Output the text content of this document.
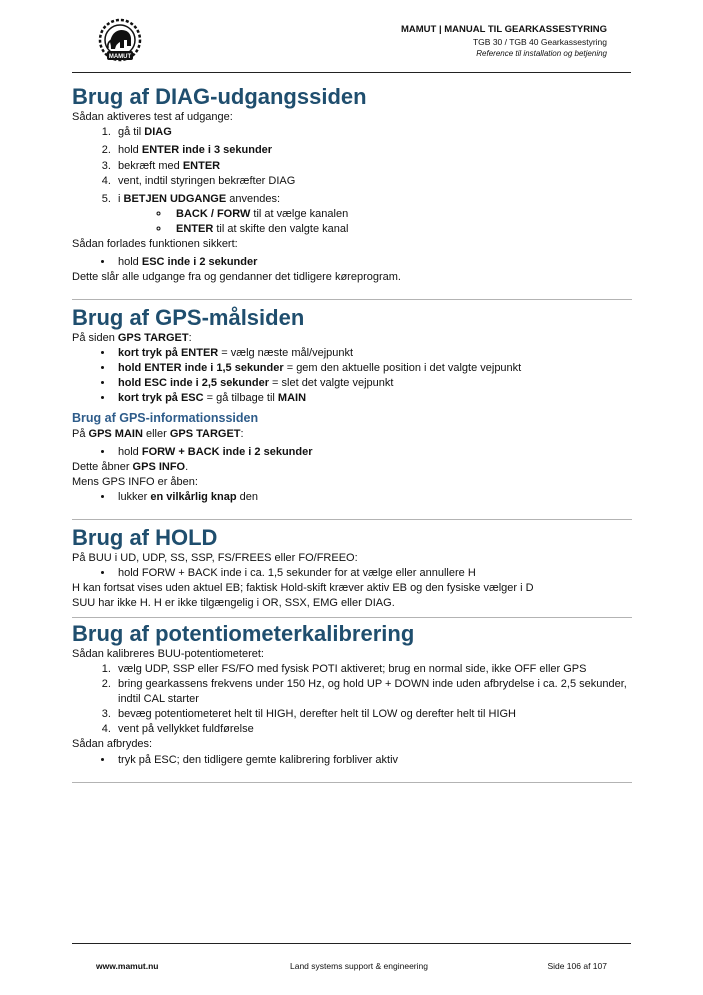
MAMUT
MAMUT | MANUAL TIL GEARKASSESTYRING
TGB 30 / TGB 40 Gearkassestyring
Reference til installation og betjening
Brug af DIAG-udgangssiden

Sådan aktiveres test af udgange:

1. gå til DIAG
2. hold ENTER inde i 3 sekunder
3. bekræft med ENTER
4. vent, indtil styringen bekræfter DIAG
5. i BETJEN UDGANGE anvendes:
◦ BACK / FORW til at vælge kanalen
◦ ENTER til at skifte den valgte kanal

Sådan forlades funktionen sikkert:

• hold ESC inde i 2 sekunder

Dette slår alle udgange fra og gendanner det tidligere køreprogram.

Brug af GPS-målsiden

På siden GPS TARGET:

• kort tryk på ENTER = vælg næste mål/vejpunkt
• hold ENTER inde i 1,5 sekunder = gem den aktuelle position i det valgte vejpunkt
• hold ESC inde i 2,5 sekunder = slet det valgte vejpunkt
• kort tryk på ESC = gå tilbage til MAIN
Brug af GPS-informationssiden

På GPS MAIN eller GPS TARGET:

• hold FORW + BACK inde i 2 sekunder

Dette åbner GPS INFO.

Mens GPS INFO er åben:

• lukker en vilkårlig knap den
Brug af HOLD

På BUU i UD, UDP, SS, SSP, FS/FREES eller FO/FREEO:

• hold FORW + BACK inde i ca. 1,5 sekunder for at vælge eller annullere H

H kan fortsat vises uden aktuel EB; faktisk Hold-skift kræver aktiv EB og den fysiske vælger i D

SUU har ikke H. H er ikke tilgængelig i OR, SSX, EMG eller DIAG.

Brug af potentiometerkalibrering

Sådan kalibreres BUU-potentiometeret:

1. vælg UDP, SSP eller FS/FO med fysisk POTI aktiveret; brug en normal side, ikke OFF eller GPS
2. bring gearkassens frekvens under 150 Hz, og hold UP + DOWN inde uden afbrydelse i ca. 2,5 sekunder, indtil CAL starter
3. bevæg potentiometeret helt til HIGH, derefter helt til LOW og derefter helt til HIGH
4. vent på vellykket fuldførelse

Sådan afbrydes:

• tryk på ESC; den tidligere gemte kalibrering forbliver aktiv
www.mamut.nu	Land systems support & engineering	Side 106 af 107
